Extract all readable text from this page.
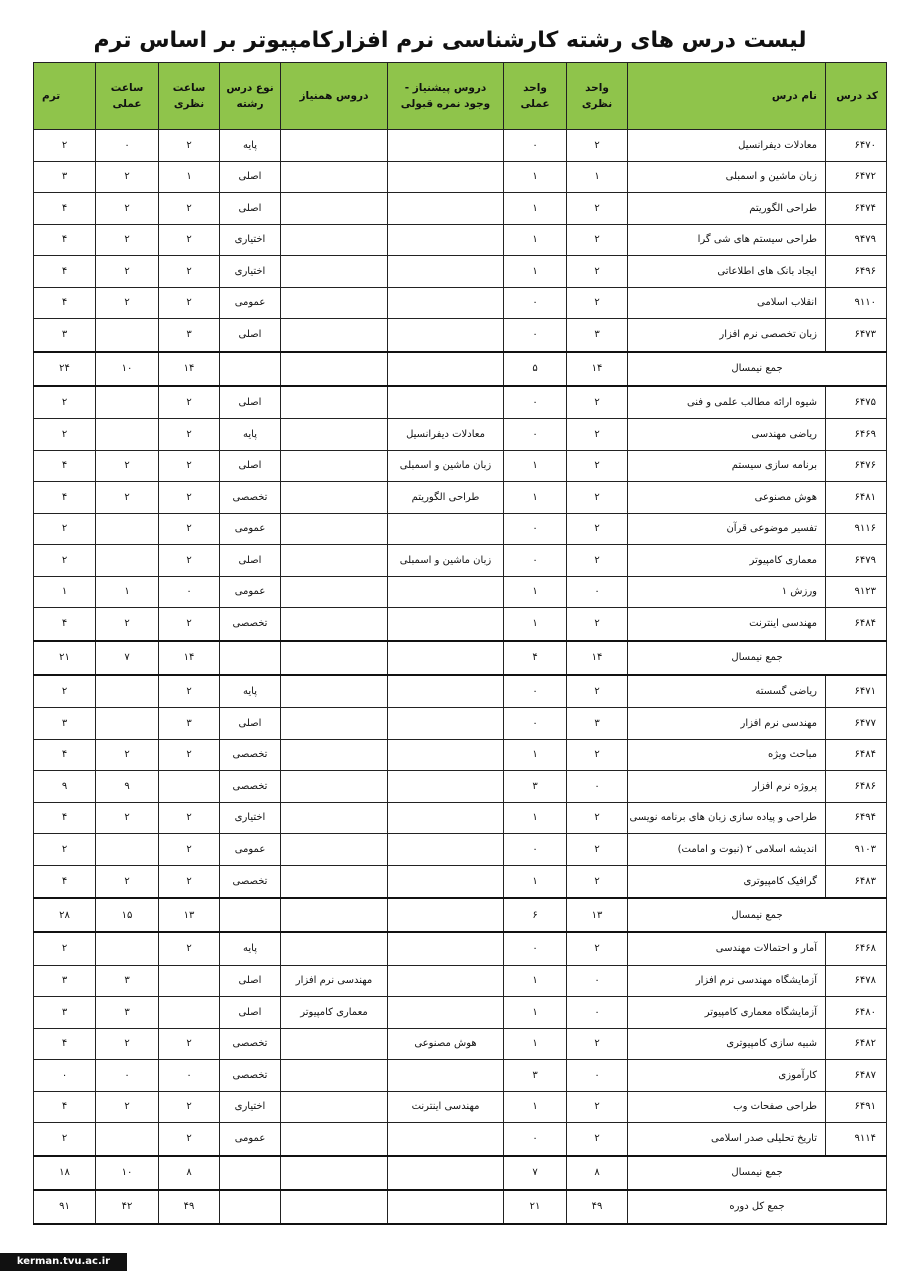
لیست درس های رشته کارشناسی نرم افزارکامپیوتر بر اساس ترم
کد درس	نام درس	واحد نظری	واحد عملی	دروس پیشنیاز - وجود نمره قبولی	دروس همنیاز	نوع درس رشته	ساعت نظری	ساعت عملی	ترم
۶۴۷۰	معادلات دیفرانسیل	۲	۰			پایه	۲	۰	۲
۶۴۷۲	زبان ماشین و اسمبلی	۱	۱			اصلی	۱	۲	۳
۶۴۷۴	طراحی الگوریتم	۲	۱			اصلی	۲	۲	۴
۹۴۷۹	طراحی سیستم های شی گرا	۲	۱			اختیاری	۲	۲	۴
۶۴۹۶	ایجاد بانک های اطلاعاتی	۲	۱			اختیاری	۲	۲	۴
۹۱۱۰	انقلاب اسلامی	۲	۰			عمومی	۲	۲	۴
۶۴۷۳	زبان تخصصی نرم افزار	۳	۰			اصلی	۳		۳
جمع نیمسال		۱۴	۵				۱۴	۱۰	۲۴
۶۴۷۵	شیوه ارائه مطالب علمی و فنی	۲	۰			اصلی	۲		۲
۶۴۶۹	ریاضی مهندسی	۲	۰	معادلات دیفرانسیل		پایه	۲		۲
۶۴۷۶	برنامه سازی سیستم	۲	۱	زبان ماشین و اسمبلی		اصلی	۲	۲	۴
۶۴۸۱	هوش مصنوعی	۲	۱	طراحی الگوریتم		تخصصی	۲	۲	۴
۹۱۱۶	تفسیر موضوعی قرآن	۲	۰			عمومی	۲		۲
۶۴۷۹	معماری کامپیوتر	۲	۰	زبان ماشین و اسمبلی		اصلی	۲		۲
۹۱۲۳	ورزش ۱	۰	۱			عمومی	۰	۱	۱
۶۴۸۴	مهندسی اینترنت	۲	۱			تخصصی	۲	۲	۴
جمع نیمسال		۱۴	۴				۱۴	۷	۲۱
۶۴۷۱	ریاضی گسسته	۲	۰			پایه	۲		۲
۶۴۷۷	مهندسی نرم افزار	۳	۰			اصلی	۳		۳
۶۴۸۴	مباحث ویژه	۲	۱			تخصصی	۲	۲	۴
۶۴۸۶	پروژه نرم افزار	۰	۳			تخصصی		۹	۹
۶۴۹۴	طراحی و پیاده سازی زبان های برنامه نویسی	۲	۱			اختیاری	۲	۲	۴
۹۱۰۳	اندیشه اسلامی ۲ (نبوت و امامت)	۲	۰			عمومی	۲		۲
۶۴۸۳	گرافیک کامپیوتری	۲	۱			تخصصی	۲	۲	۴
جمع نیمسال		۱۳	۶				۱۳	۱۵	۲۸
۶۴۶۸	آمار و احتمالات مهندسی	۲	۰			پایه	۲		۲
۶۴۷۸	آزمایشگاه مهندسی نرم افزار	۰	۱		مهندسی نرم افزار	اصلی		۳	۳
۶۴۸۰	آزمایشگاه معماری کامپیوتر	۰	۱		معماری کامپیوتر	اصلی		۳	۳
۶۴۸۲	شبیه سازی کامپیوتری	۲	۱	هوش مصنوعی		تخصصی	۲	۲	۴
۶۴۸۷	کارآموزی	۰	۳			تخصصی	۰	۰	۰
۶۴۹۱	طراحی صفحات وب	۲	۱	مهندسی اینترنت		اختیاری	۲	۲	۴
۹۱۱۴	تاریخ تحلیلی صدر اسلامی	۲	۰			عمومی	۲		۲
جمع نیمسال		۸	۷				۸	۱۰	۱۸
جمع کل دوره		۴۹	۲۱				۴۹	۴۲	۹۱
kerman.tvu.ac.ir
